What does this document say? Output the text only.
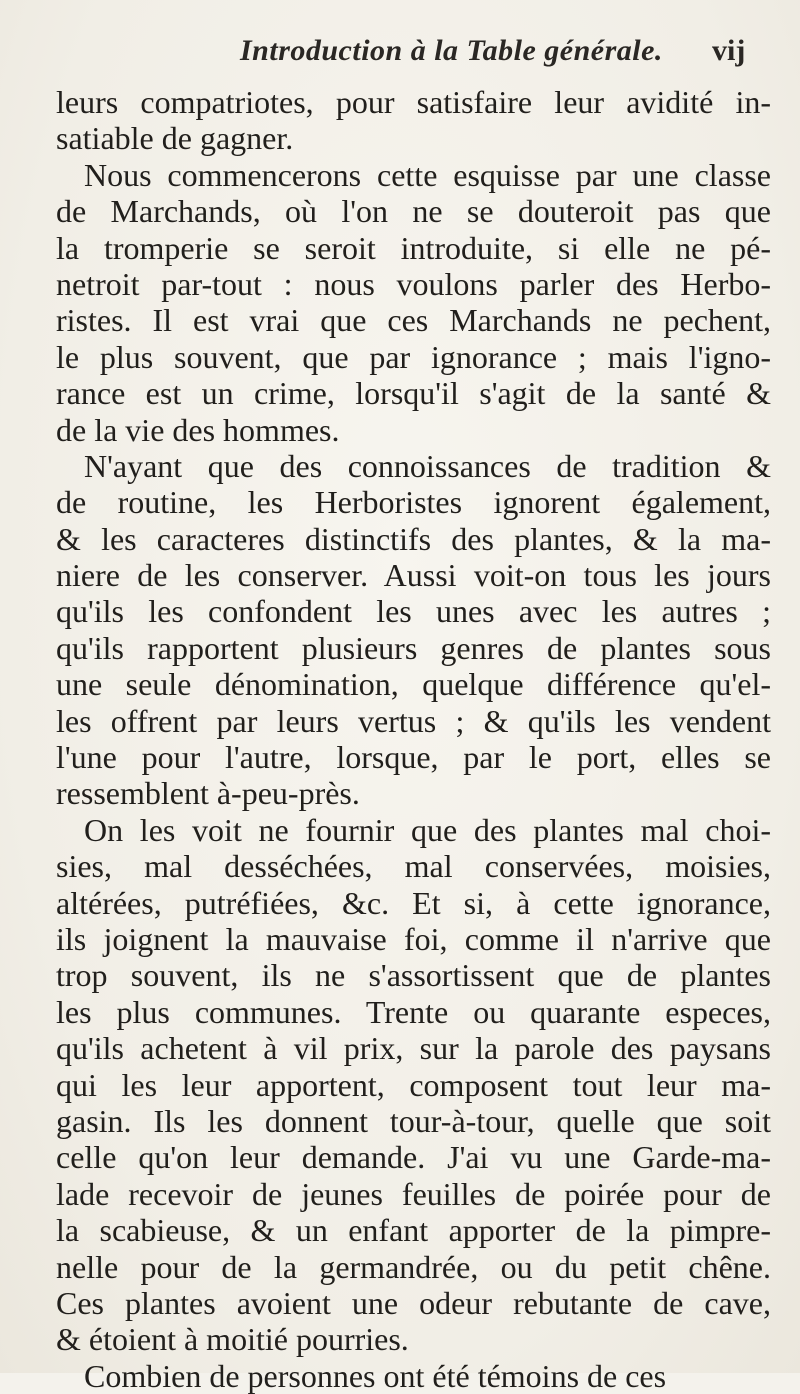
Introduction à la Table générale.	vij
leurs compatriotes, pour satisfaire leur avidité in-
satiable de gagner.
Nous commencerons cette esquisse par une classe
de Marchands, où l'on ne se douteroit pas que
la tromperie se seroit introduite, si elle ne pé-
netroit par-tout : nous voulons parler des Herbo-
ristes. Il est vrai que ces Marchands ne pechent,
le plus souvent, que par ignorance ; mais l'igno-
rance est un crime, lorsqu'il s'agit de la santé &
de la vie des hommes.
N'ayant que des connoissances de tradition &
de routine, les Herboristes ignorent également,
& les caracteres distinctifs des plantes, & la ma-
niere de les conserver. Aussi voit-on tous les jours
qu'ils les confondent les unes avec les autres ;
qu'ils rapportent plusieurs genres de plantes sous
une seule dénomination, quelque différence qu'el-
les offrent par leurs vertus ; & qu'ils les vendent
l'une pour l'autre, lorsque, par le port, elles se
ressemblent à-peu-près.
On les voit ne fournir que des plantes mal choi-
sies, mal desséchées, mal conservées, moisies,
altérées, putréfiées, &c. Et si, à cette ignorance,
ils joignent la mauvaise foi, comme il n'arrive que
trop souvent, ils ne s'assortissent que de plantes
les plus communes. Trente ou quarante especes,
qu'ils achetent à vil prix, sur la parole des paysans
qui les leur apportent, composent tout leur ma-
gasin. Ils les donnent tour-à-tour, quelle que soit
celle qu'on leur demande. J'ai vu une Garde-ma-
lade recevoir de jeunes feuilles de poirée pour de
la scabieuse, & un enfant apporter de la pimpre-
nelle pour de la germandrée, ou du petit chêne.
Ces plantes avoient une odeur rebutante de cave,
& étoient à moitié pourries.
Combien de personnes ont été témoins de ces
